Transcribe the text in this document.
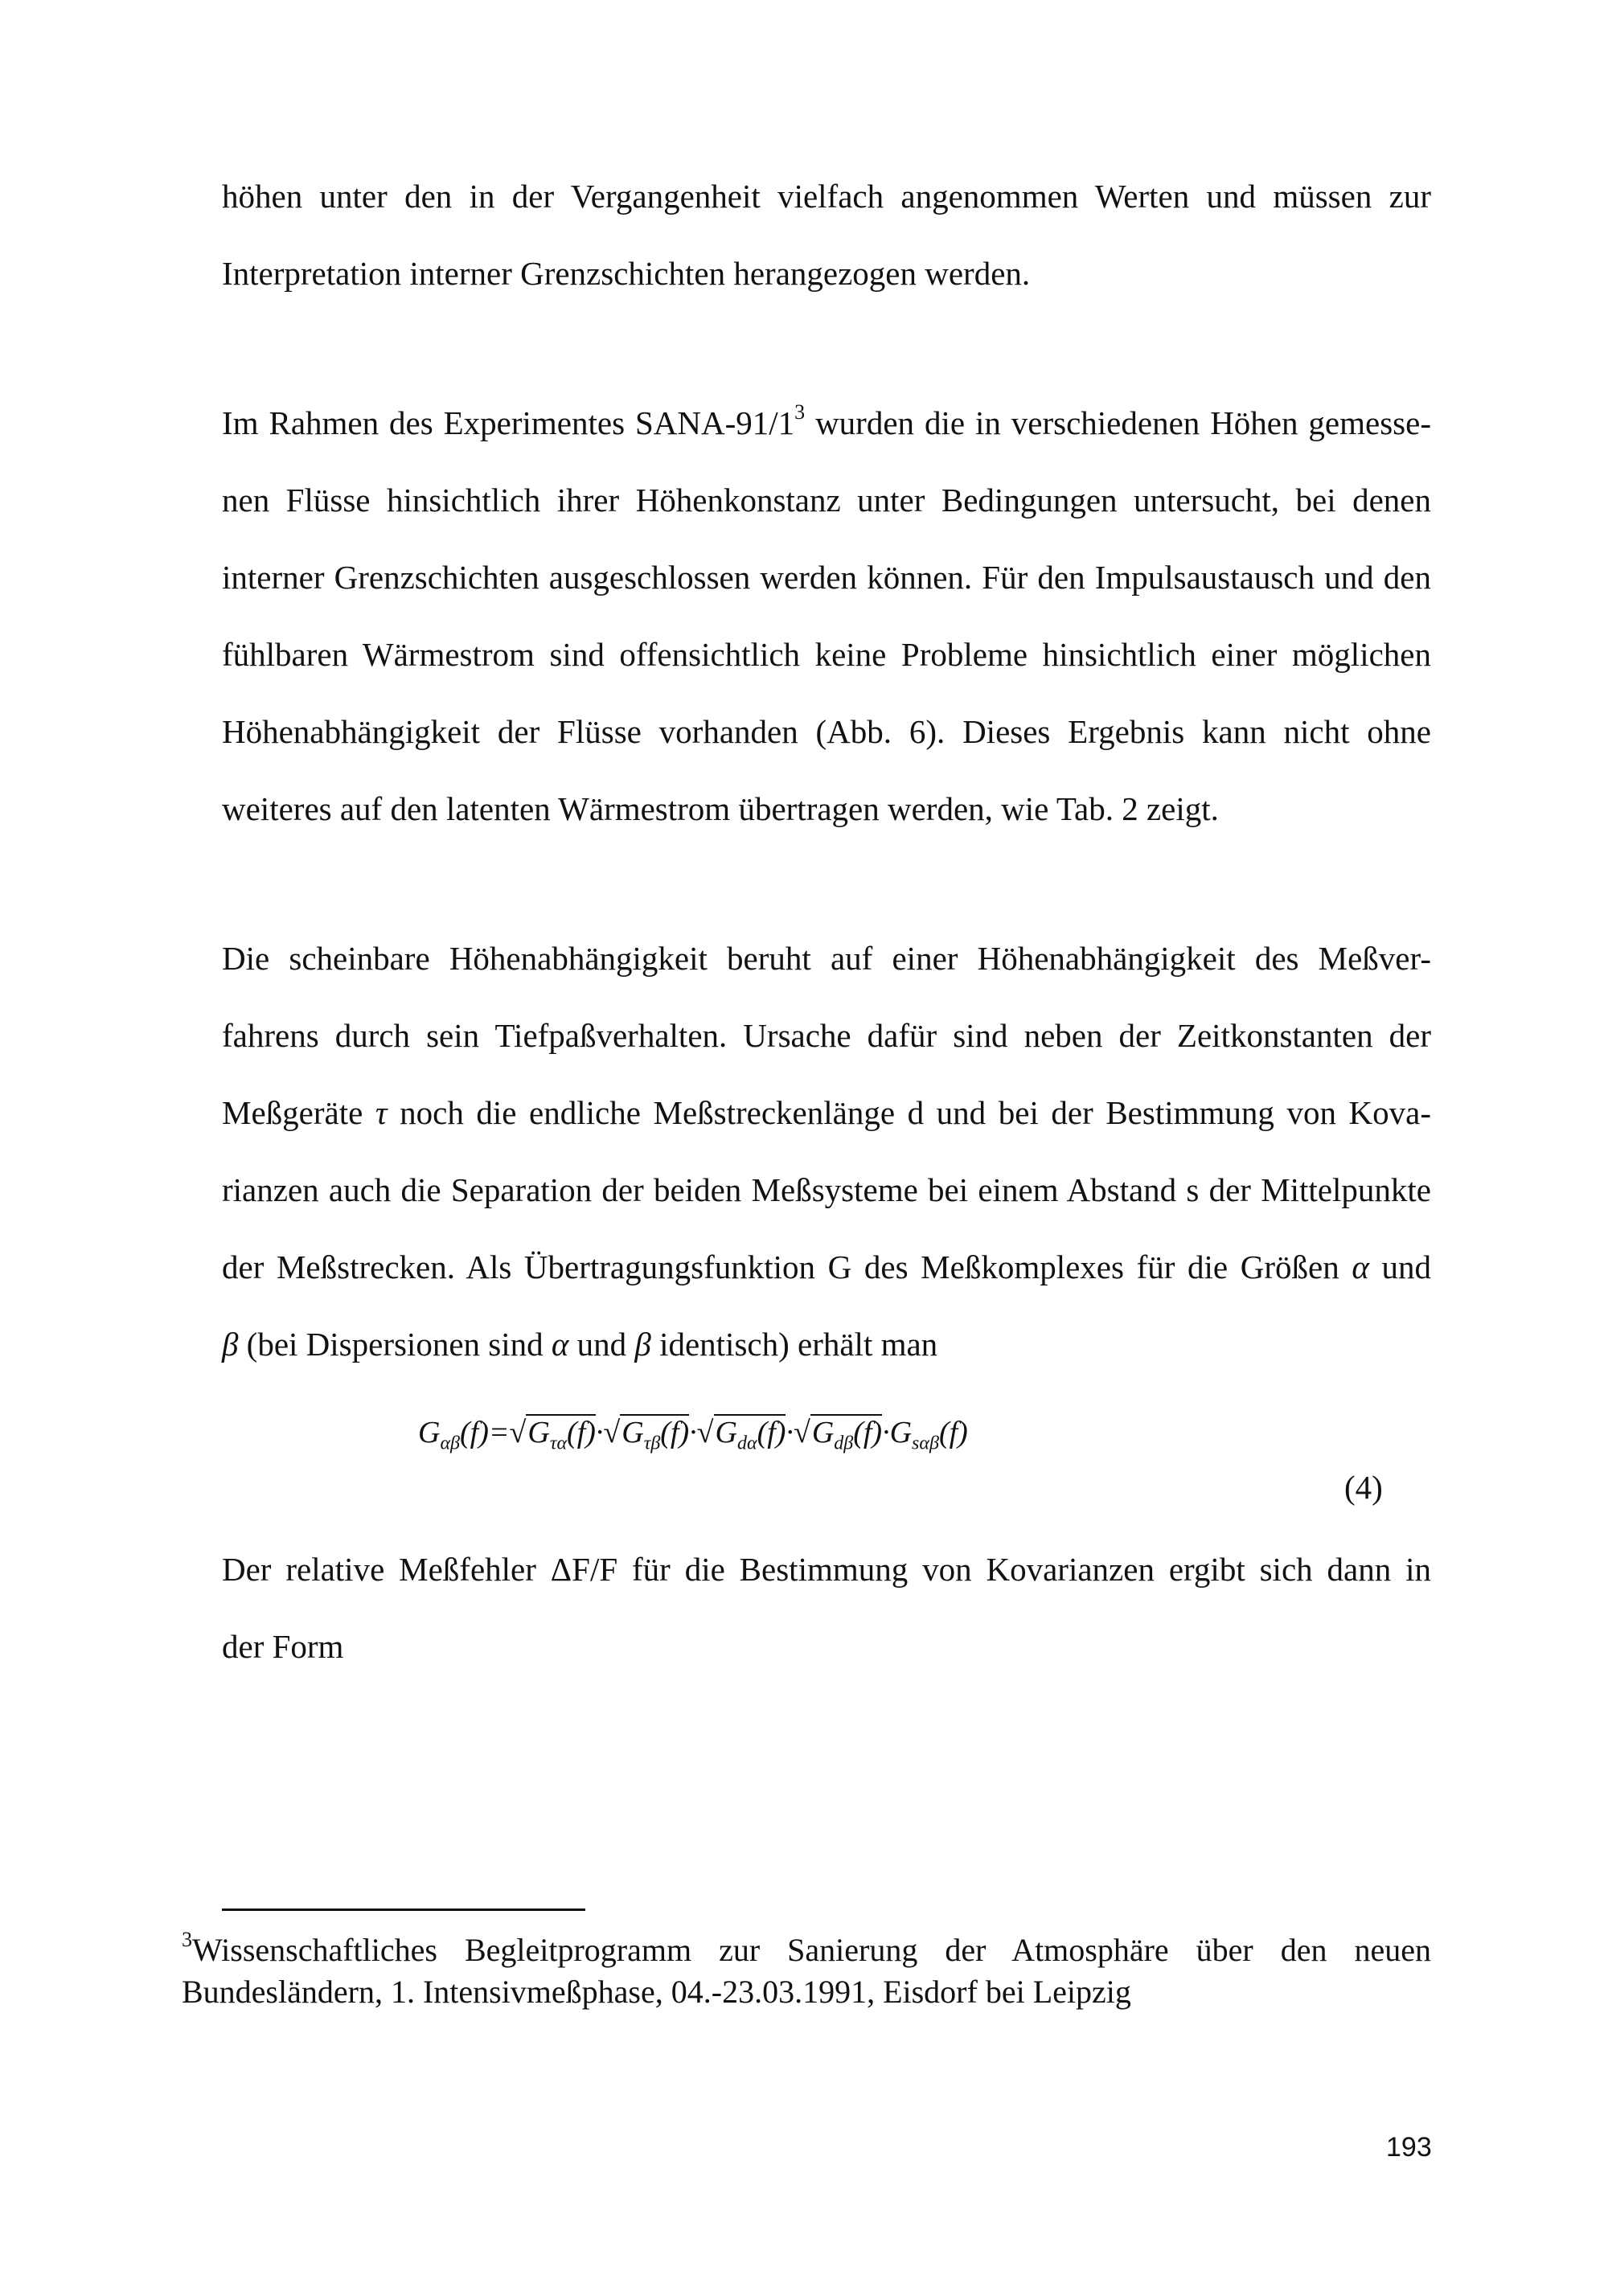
höhen unter den in der Vergangenheit vielfach angenommen Werten und müssen zur
Interpretation interner Grenzschichten herangezogen werden.
Im Rahmen des Experimentes SANA-$91/1^3$ wurden die in verschiedenen Höhen gemesse-
nen Flüsse hinsichtlich ihrer Höhenkonstanz unter Bedingungen untersucht, bei denen
interner Grenzschichten ausgeschlossen werden können. Für den Impulsaustausch und den
fühlbaren Wärmestrom sind offensichtlich keine Probleme hinsichtlich einer möglichen
Höhenabhängigkeit der Flüsse vorhanden (Abb. 6). Dieses Ergebnis kann nicht ohne
weiteres auf den latenten Wärmestrom übertragen werden, wie Tab. 2 zeigt.
Die scheinbare Höhenabhängigkeit beruht auf einer Höhenabhängigkeit des Meßver-
fahrens durch sein Tiefpaßverhalten. Ursache dafür sind neben der Zeitkonstanten der
Meßgeräte τ noch die endliche Meßstreckenlänge d und bei der Bestimmung von Kova-
rianzen auch die Separation der beiden Meßsysteme bei einem Abstand s der Mittelpunkte
der Meßstrecken. Als Übertragungsfunktion G des Meßkomplexes für die Größen α und
β (bei Dispersionen sind α und β identisch) erhält man
$G_{\alpha\beta}(f)=√G_{\tau\alpha}(f)\cdot√G_{\tau\beta}(f)\cdot√G_{d\alpha}(f)\cdot√G_{d\beta}(f)\cdot G_{s\alpha\beta}(f)$
(4)
Der relative Meßfehler ΔF/F für die Bestimmung von Kovarianzen ergibt sich dann in
der Form
$^3$Wissenschaftliches Begleitprogramm zur Sanierung der Atmosphäre über den neuen
Bundesländern, 1. Intensivmeßphase, 04.-23.03.1991, Eisdorf bei Leipzig
193
